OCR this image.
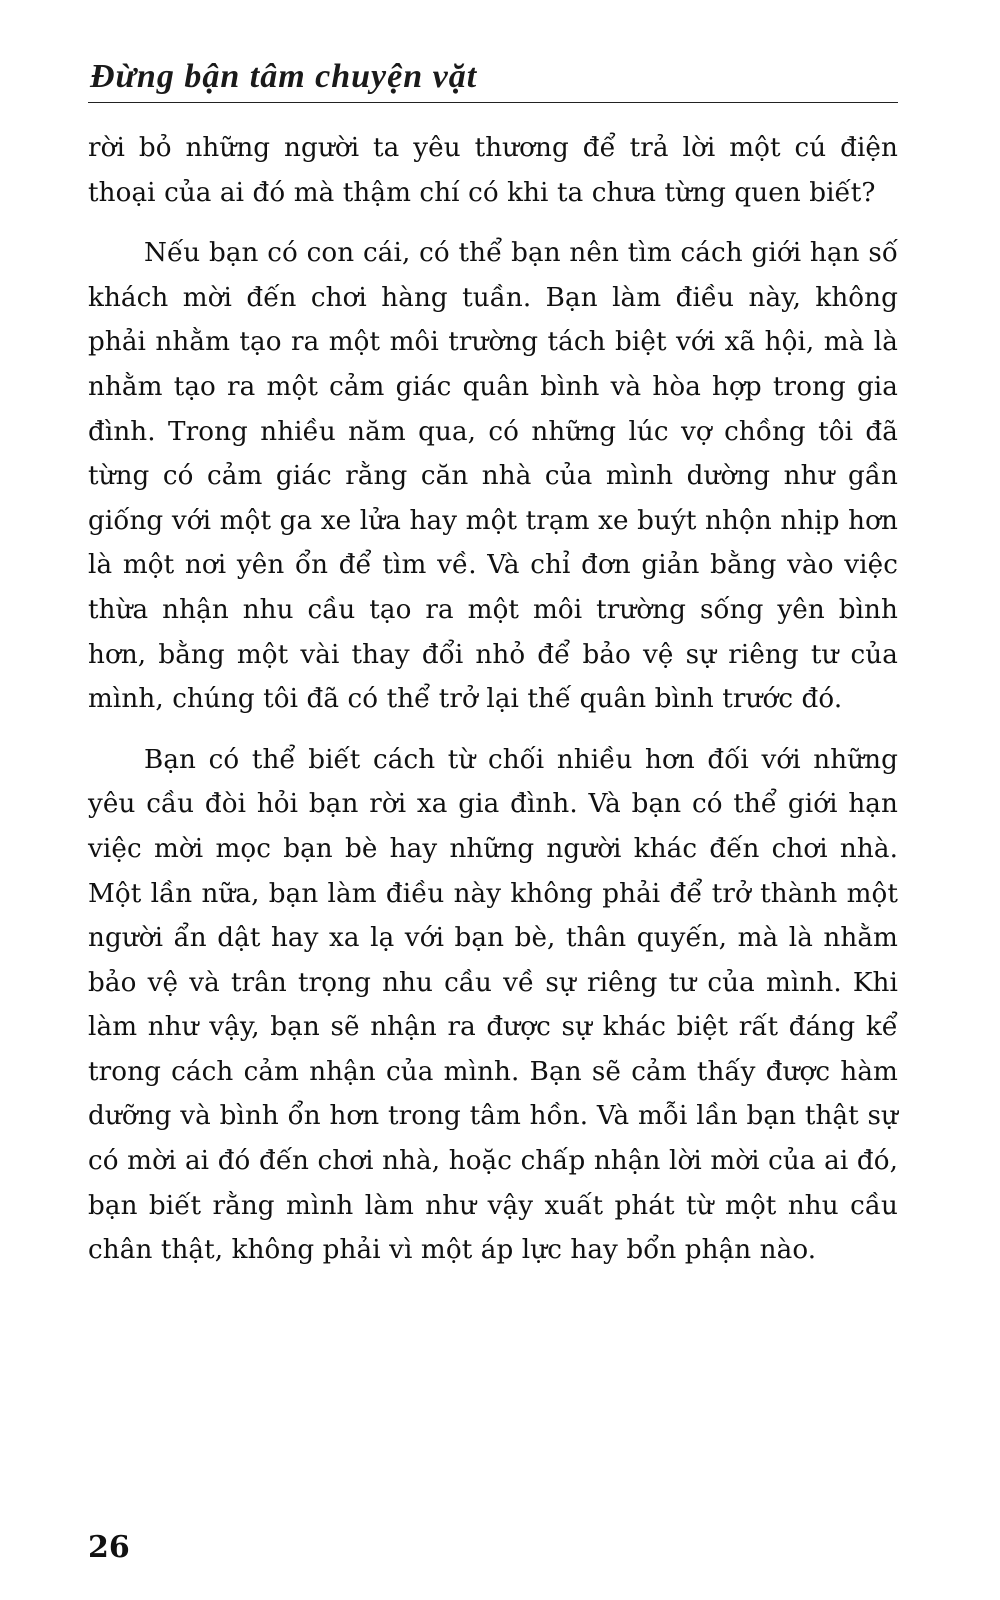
Đừng bận tâm chuyện vặt

rời bỏ những người ta yêu thương để trả lời một cú điện thoại của ai đó mà thậm chí có khi ta chưa từng quen biết?

Nếu bạn có con cái, có thể bạn nên tìm cách giới hạn số khách mời đến chơi hàng tuần. Bạn làm điều này, không phải nhằm tạo ra một môi trường tách biệt với xã hội, mà là nhằm tạo ra một cảm giác quân bình và hòa hợp trong gia đình. Trong nhiều năm qua, có những lúc vợ chồng tôi đã từng có cảm giác rằng căn nhà của mình dường như gần giống với một ga xe lửa hay một trạm xe buýt nhộn nhịp hơn là một nơi yên ổn để tìm về. Và chỉ đơn giản bằng vào việc thừa nhận nhu cầu tạo ra một môi trường sống yên bình hơn, bằng một vài thay đổi nhỏ để bảo vệ sự riêng tư của mình, chúng tôi đã có thể trở lại thế quân bình trước đó.

Bạn có thể biết cách từ chối nhiều hơn đối với những yêu cầu đòi hỏi bạn rời xa gia đình. Và bạn có thể giới hạn việc mời mọc bạn bè hay những người khác đến chơi nhà. Một lần nữa, bạn làm điều này không phải để trở thành một người ẩn dật hay xa lạ với bạn bè, thân quyến, mà là nhằm bảo vệ và trân trọng nhu cầu về sự riêng tư của mình. Khi làm như vậy, bạn sẽ nhận ra được sự khác biệt rất đáng kể trong cách cảm nhận của mình. Bạn sẽ cảm thấy được hàm dưỡng và bình ổn hơn trong tâm hồn. Và mỗi lần bạn thật sự có mời ai đó đến chơi nhà, hoặc chấp nhận lời mời của ai đó, bạn biết rằng mình làm như vậy xuất phát từ một nhu cầu chân thật, không phải vì một áp lực hay bổn phận nào.

26
